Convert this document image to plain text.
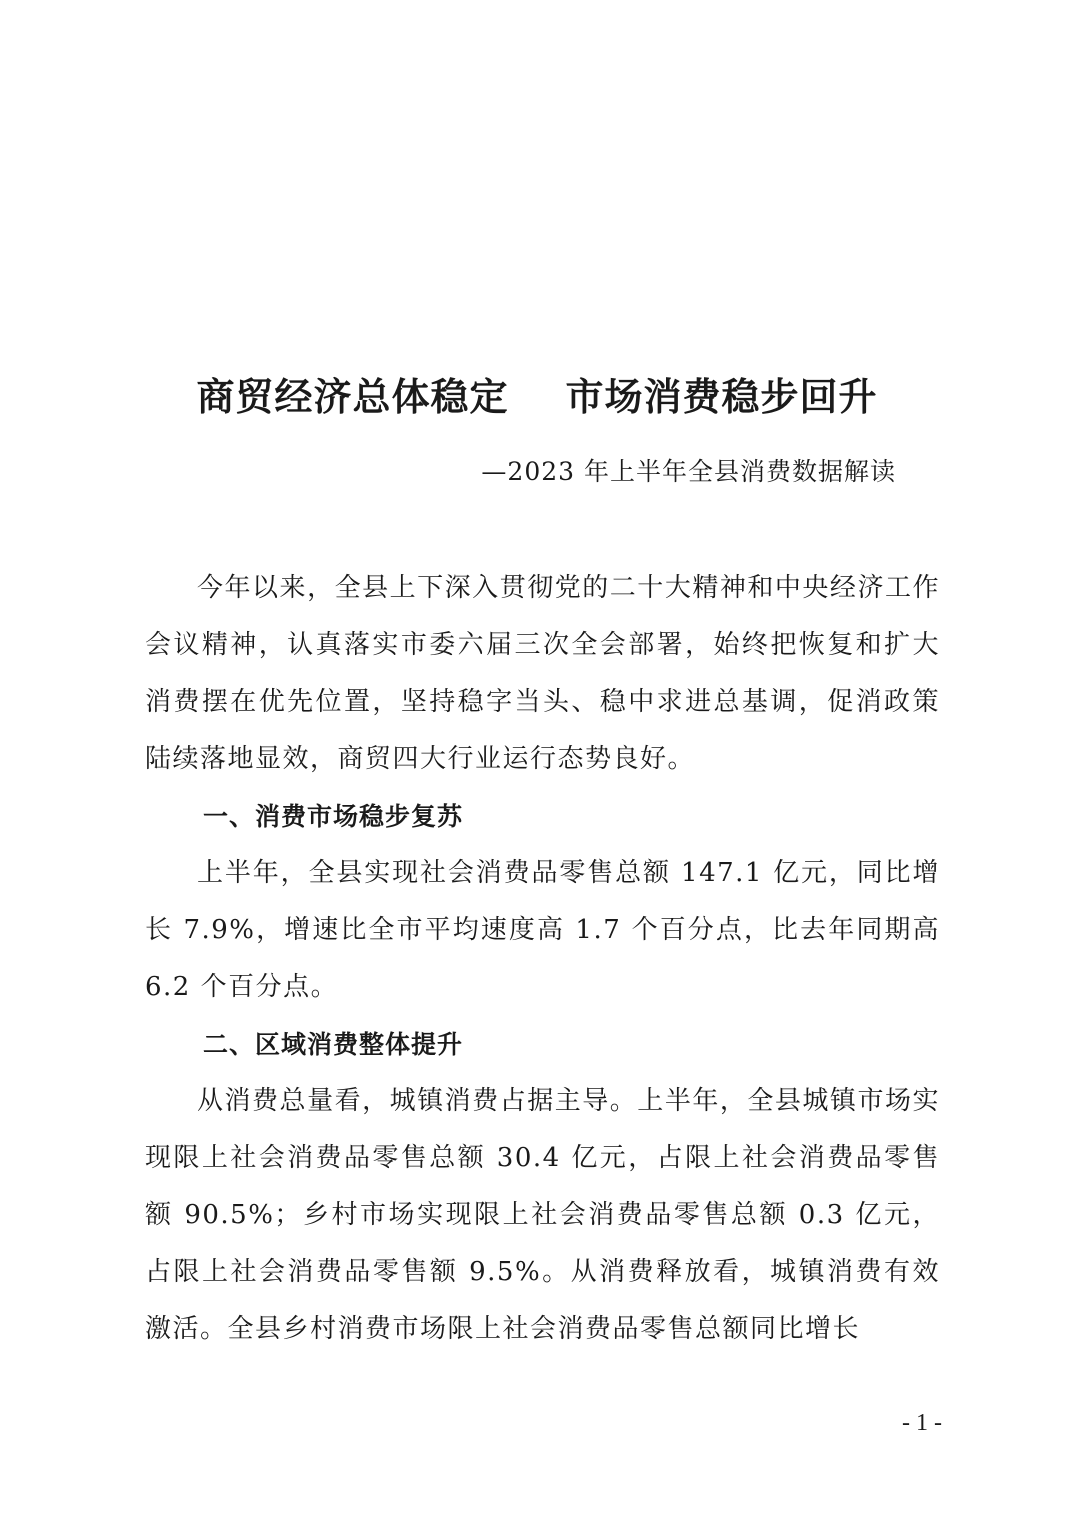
商贸经济总体稳定    市场消费稳步回升
—2023 年上半年全县消费数据解读

今年以来，全县上下深入贯彻党的二十大精神和中央经济工作会议精神，认真落实市委六届三次全会部署，始终把恢复和扩大消费摆在优先位置，坚持稳字当头、稳中求进总基调，促消政策陆续落地显效，商贸四大行业运行态势良好。

一、消费市场稳步复苏

上半年，全县实现社会消费品零售总额 147.1 亿元，同比增长 7.9%，增速比全市平均速度高 1.7 个百分点，比去年同期高 6.2 个百分点。

二、区域消费整体提升

从消费总量看，城镇消费占据主导。上半年，全县城镇市场实现限上社会消费品零售总额 30.4 亿元，占限上社会消费品零售额 90.5%；乡村市场实现限上社会消费品零售总额 0.3 亿元，占限上社会消费品零售额 9.5%。从消费释放看，城镇消费有效激活。全县乡村消费市场限上社会消费品零售总额同比增长

- 1 -
